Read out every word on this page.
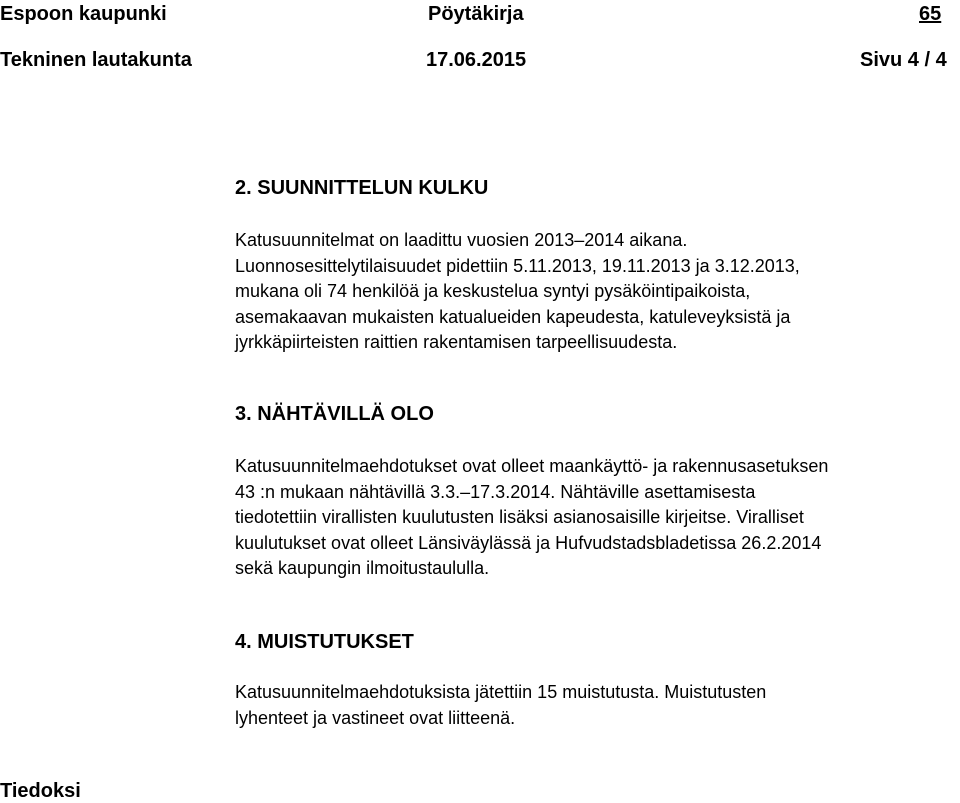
Espoon kaupunki	Pöytäkirja	65
Tekninen lautakunta	17.06.2015	Sivu 4 / 4
2. SUUNNITTELUN KULKU
Katusuunnitelmat on laadittu vuosien 2013–2014 aikana.
Luonnosesittelytilaisuudet pidettiin 5.11.2013, 19.11.2013 ja 3.12.2013,
mukana oli 74 henkilöä ja keskustelua syntyi pysäköintipaikoista,
asemakaavan mukaisten katualueiden kapeudesta, katuleveyksistä ja
jyrkkäpiirteisten raittien rakentamisen tarpeellisuudesta.
3. NÄHTÄVILLÄ OLO
Katusuunnitelmaehdotukset ovat olleet maankäyttö- ja rakennusasetuksen
43 :n mukaan nähtävillä 3.3.–17.3.2014. Nähtäville asettamisesta
tiedotettiin virallisten kuulutusten lisäksi asianosaisille kirjeitse. Viralliset
kuulutukset ovat olleet Länsiväylässä ja Hufvudstadsbladetissa 26.2.2014
sekä kaupungin ilmoitustaululla.
4. MUISTUTUKSET
Katusuunnitelmaehdotuksista jätettiin 15 muistutusta. Muistutusten
lyhenteet ja vastineet ovat liitteenä.
Tiedoksi
